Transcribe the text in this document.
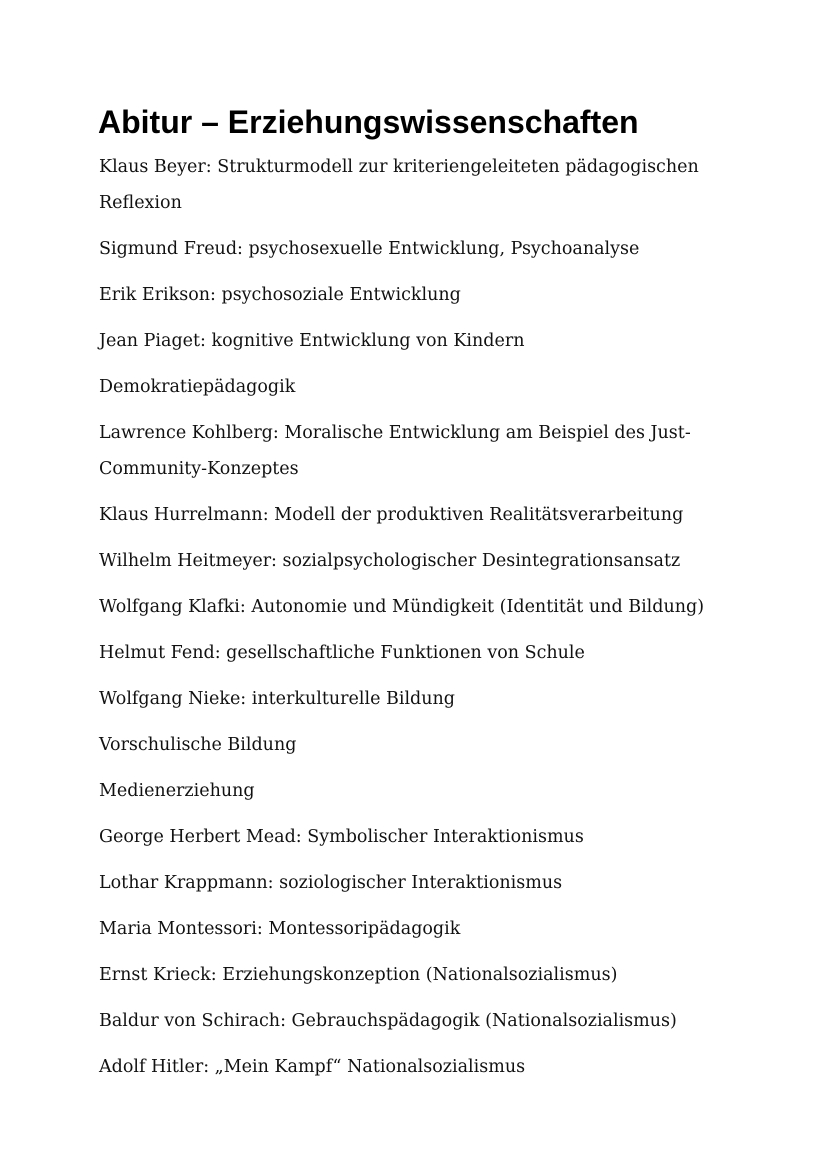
Abitur – Erziehungswissenschaften
Klaus Beyer: Strukturmodell zur kriteriengeleiteten pädagogischen
Reflexion
Sigmund Freud: psychosexuelle Entwicklung, Psychoanalyse
Erik Erikson: psychosoziale Entwicklung
Jean Piaget: kognitive Entwicklung von Kindern
Demokratiepädagogik
Lawrence Kohlberg: Moralische Entwicklung am Beispiel des Just-
Community-Konzeptes
Klaus Hurrelmann: Modell der produktiven Realitätsverarbeitung
Wilhelm Heitmeyer: sozialpsychologischer Desintegrationsansatz
Wolfgang Klafki: Autonomie und Mündigkeit (Identität und Bildung)
Helmut Fend: gesellschaftliche Funktionen von Schule
Wolfgang Nieke: interkulturelle Bildung
Vorschulische Bildung
Medienerziehung
George Herbert Mead: Symbolischer Interaktionismus
Lothar Krappmann: soziologischer Interaktionismus
Maria Montessori: Montessoripädagogik
Ernst Krieck: Erziehungskonzeption (Nationalsozialismus)
Baldur von Schirach: Gebrauchspädagogik (Nationalsozialismus)
Adolf Hitler: „Mein Kampf“ Nationalsozialismus
